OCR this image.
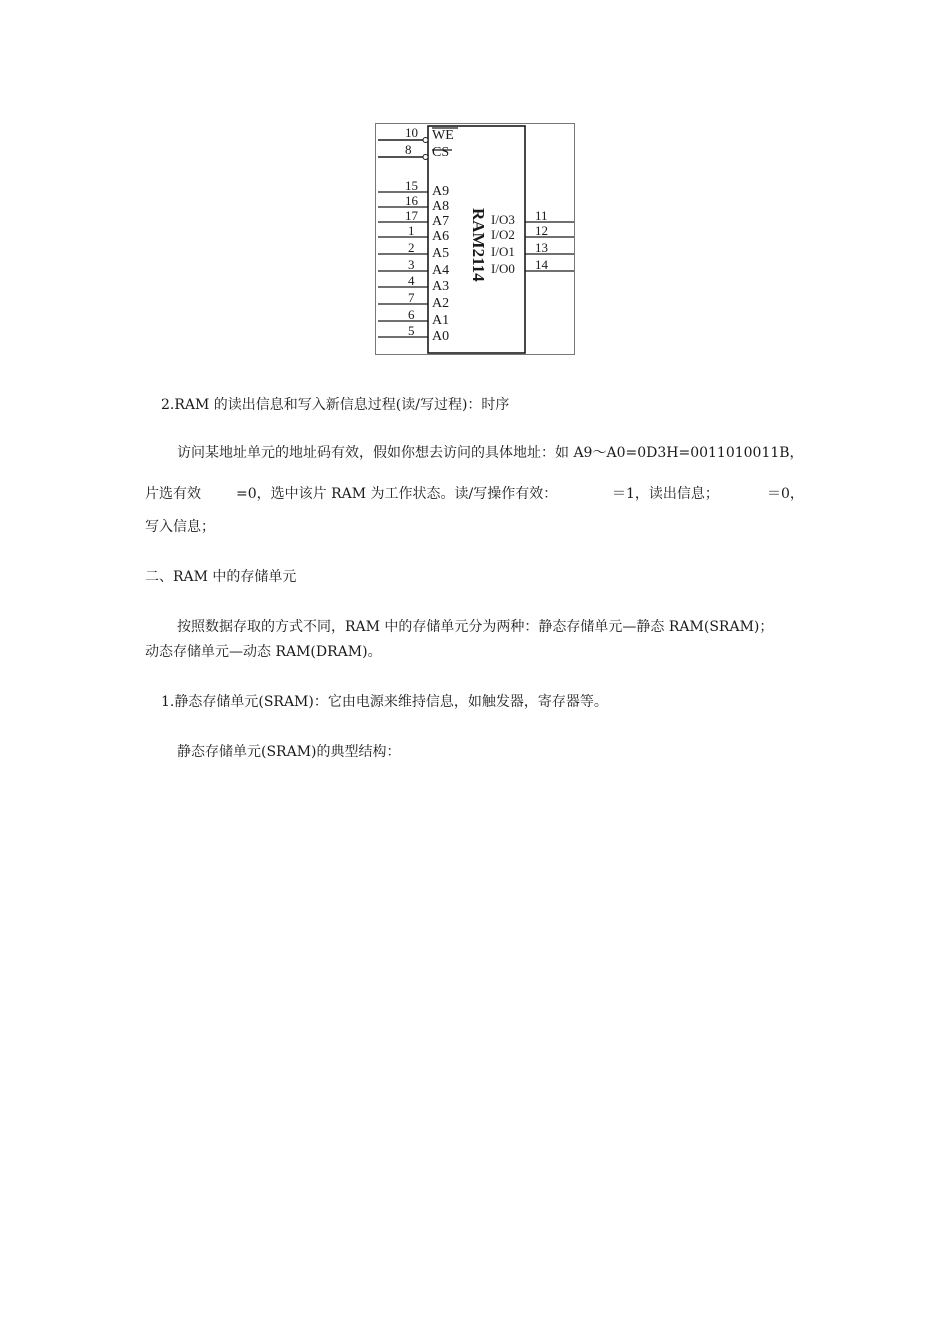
RAM2114
10 WE
8 CS
15 A9
16 A8
17 A7
1 A6
2 A5
3 A4
4 A3
7 A2
6 A1
5 A0
11
I/O3
12
I/O2
13
I/O1
14
I/O0
2.RAM 的读出信息和写入新信息过程(读/写过程)：时序
访问某地址单元的地址码有效，假如你想去访问的具体地址：如 A9～A0=0D3H=0011010011B，
片选有效	=0，选中该片 RAM 为工作状态。读/写操作有效：	＝1，读出信息；	＝0，
写入信息；
二、RAM 中的存储单元
按照数据存取的方式不同，RAM 中的存储单元分为两种：静态存储单元—静态 RAM(SRAM)；
动态存储单元—动态 RAM(DRAM)。
1.静态存储单元(SRAM)：它由电源来维持信息，如触发器，寄存器等。
静态存储单元(SRAM)的典型结构：
